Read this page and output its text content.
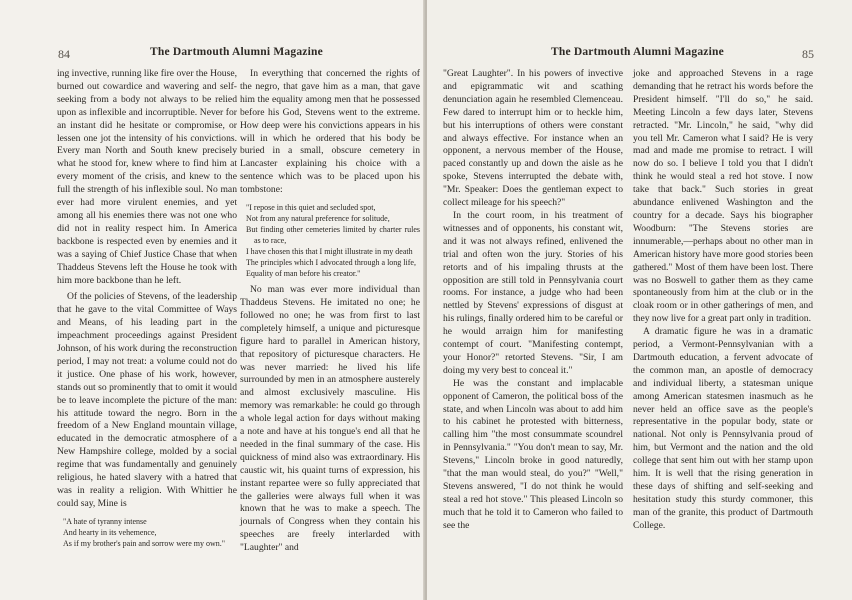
84	The Dartmouth Alumni Magazine

ing invective, running like fire over the House, burned out cowardice and wavering and self-seeking from a body not always to be relied upon as inflexible and incorruptible. Never for an instant did he hesitate or compromise, or lessen one jot the intensity of his convictions. Every man North and South knew precisely what he stood for, knew where to find him at every moment of the crisis, and knew to the full the strength of his inflexible soul. No man ever had more virulent enemies, and yet among all his enemies there was not one who did not in reality respect him. In America backbone is respected even by enemies and it was a saying of Chief Justice Chase that when Thaddeus Stevens left the House he took with him more backbone than he left.

Of the policies of Stevens, of the leadership that he gave to the vital Committee of Ways and Means, of his leading part in the impeachment proceedings against President Johnson, of his work during the reconstruction period, I may not treat: a volume could not do it justice. One phase of his work, however, stands out so prominently that to omit it would be to leave incomplete the picture of the man: his attitude toward the negro. Born in the freedom of a New England mountain village, educated in the democratic atmosphere of a New Hampshire college, molded by a social regime that was fundamentally and genuinely religious, he hated slavery with a hatred that was in reality a religion. With Whittier he could say, Mine is

"A hate of tyranny intense
And hearty in its vehemence,
As if my brother's pain and sorrow were my own."

In everything that concerned the rights of the negro, that gave him as a man, that gave him the equality among men that he possessed before his God, Stevens went to the extreme. How deep were his convictions appears in his will in which he ordered that his body be buried in a small, obscure cemetery in Lancaster explaining his choice with a sentence which was to be placed upon his tombstone:

"I repose in this quiet and secluded spot,
Not from any natural preference for solitude,
But finding other cemeteries limited by charter rules as to race,
I have chosen this that I might illustrate in my death
The principles which I advocated through a long life,
Equality of man before his creator."

No man was ever more individual than Thaddeus Stevens. He imitated no one; he followed no one; he was from first to last completely himself, a unique and picturesque figure hard to parallel in American history, that repository of picturesque characters. He was never married: he lived his life surrounded by men in an atmosphere austerely and almost exclusively masculine. His memory was remarkable: he could go through a whole legal action for days without making a note and have at his tongue's end all that he needed in the final summary of the case. His quickness of mind also was extraordinary. His caustic wit, his quaint turns of expression, his instant repartee were so fully appreciated that the galleries were always full when it was known that he was to make a speech. The journals of Congress when they contain his speeches are freely interlarded with "Laughter" and

The Dartmouth Alumni Magazine	85

"Great Laughter". In his powers of invective and epigrammatic wit and scathing denunciation again he resembled Clemenceau. Few dared to interrupt him or to heckle him, but his interruptions of others were constant and always effective. For instance when an opponent, a nervous member of the House, paced constantly up and down the aisle as he spoke, Stevens interrupted the debate with, "Mr. Speaker: Does the gentleman expect to collect mileage for his speech?"

In the court room, in his treatment of witnesses and of opponents, his constant wit, and it was not always refined, enlivened the trial and often won the jury. Stories of his retorts and of his impaling thrusts at the opposition are still told in Pennsylvania court rooms. For instance, a judge who had been nettled by Stevens' expressions of disgust at his rulings, finally ordered him to be careful or he would arraign him for manifesting contempt of court. "Manifesting contempt, your Honor?" retorted Stevens. "Sir, I am doing my very best to conceal it."

He was the constant and implacable opponent of Cameron, the political boss of the state, and when Lincoln was about to add him to his cabinet he protested with bitterness, calling him "the most consummate scoundrel in Pennsylvania." "You don't mean to say, Mr. Stevens," Lincoln broke in good naturedly, "that the man would steal, do you?" "Well," Stevens answered, "I do not think he would steal a red hot stove." This pleased Lincoln so much that he told it to Cameron who failed to see the

joke and approached Stevens in a rage demanding that he retract his words before the President himself. "I'll do so," he said. Meeting Lincoln a few days later, Stevens retracted. "Mr. Lincoln," he said, "why did you tell Mr. Cameron what I said? He is very mad and made me promise to retract. I will now do so. I believe I told you that I didn't think he would steal a red hot stove. I now take that back." Such stories in great abundance enlivened Washington and the country for a decade. Says his biographer Woodburn: "The Stevens stories are innumerable,—perhaps about no other man in American history have more good stories been gathered." Most of them have been lost. There was no Boswell to gather them as they came spontaneously from him at the club or in the cloak room or in other gatherings of men, and they now live for a great part only in tradition.

A dramatic figure he was in a dramatic period, a Vermont-Pennsylvanian with a Dartmouth education, a fervent advocate of the common man, an apostle of democracy and individual liberty, a statesman unique among American statesmen inasmuch as he never held an office save as the people's representative in the popular body, state or national. Not only is Pennsylvania proud of him, but Vermont and the nation and the old college that sent him out with her stamp upon him. It is well that the rising generation in these days of shifting and self-seeking and hesitation study this sturdy commoner, this man of the granite, this product of Dartmouth College.
